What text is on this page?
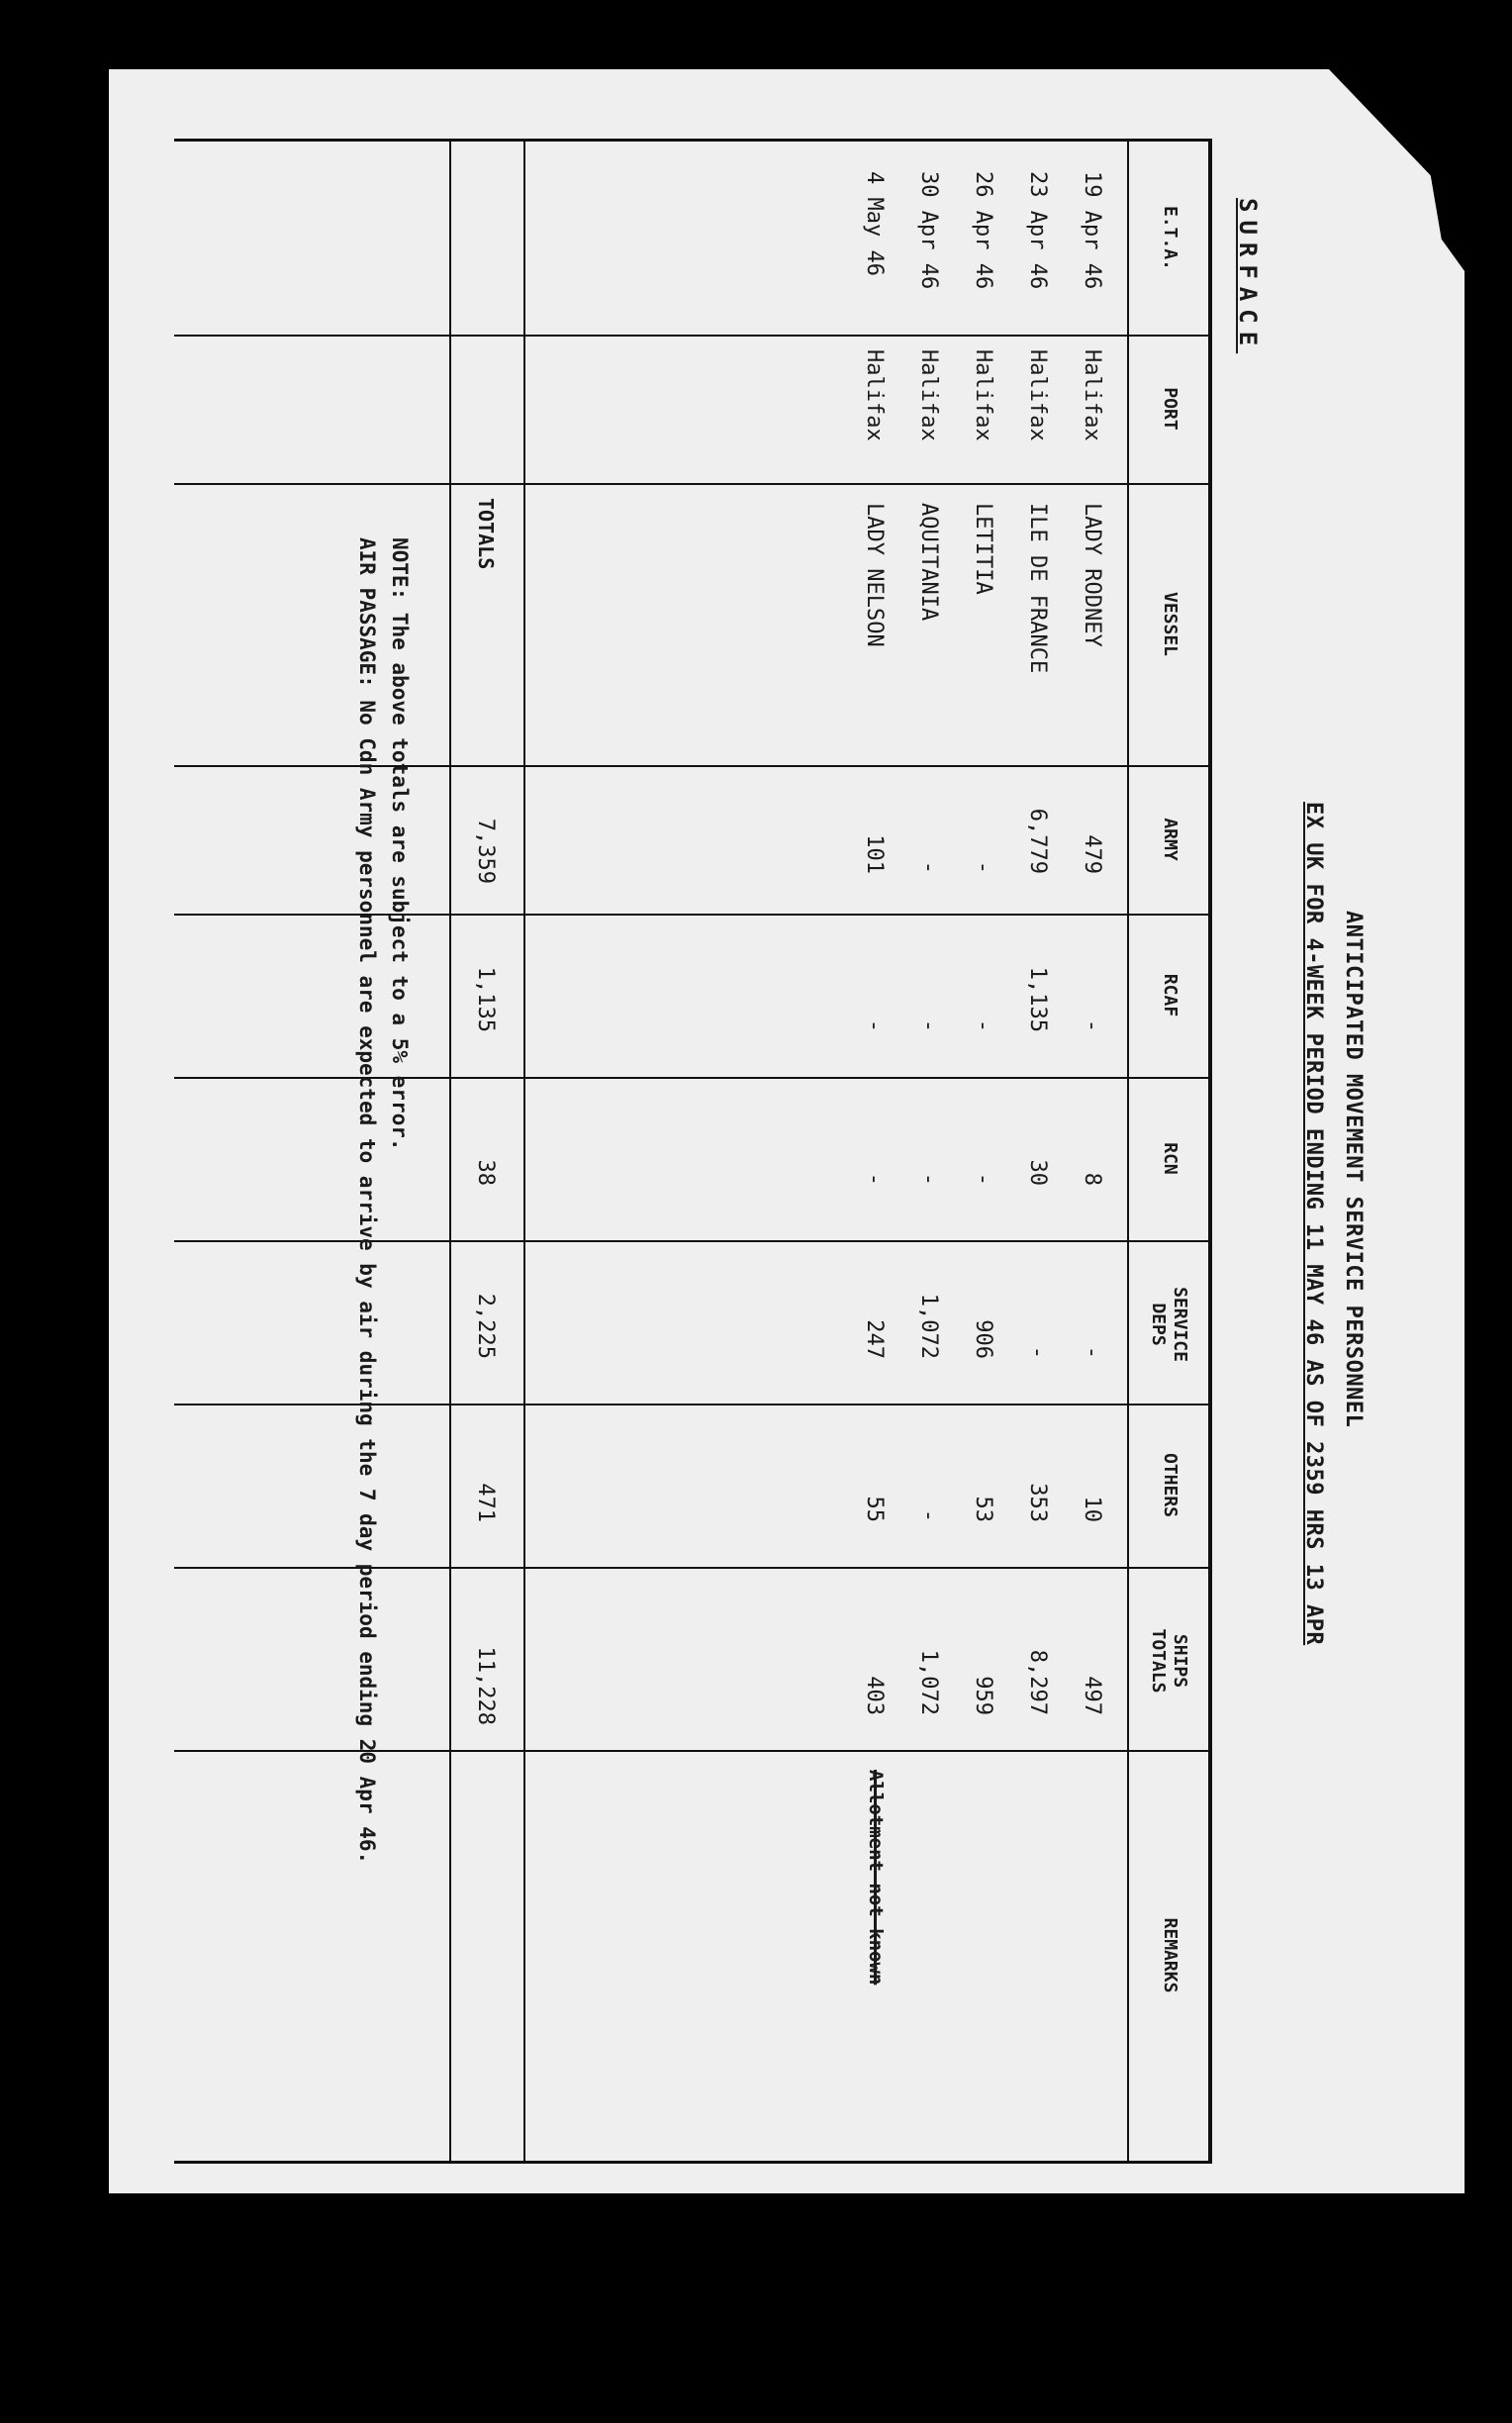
ANTICIPATED MOVEMENT SERVICE PERSONNEL
EX UK FOR 4-WEEK PERIOD ENDING 11 MAY 46 AS OF 2359 HRS 13 APR
SURFACE
E.T.A.
PORT
VESSEL
ARMY
RCAF
RCN
SERVICE DEPS
OTHERS
SHIPS TOTALS
REMARKS
19 Apr 46
Halifax
LADY RODNEY
479
-
8
-
10
497
23 Apr 46
Halifax
ILE DE FRANCE
6,779
1,135
30
-
353
8,297
26 Apr 46
Halifax
LETITIA
-
-
-
906
53
959
30 Apr 46
Halifax
AQUITANIA
-
-
-
1,072
-
1,072
4 May 46
Halifax
LADY NELSON
101
-
-
247
55
403
Allotment not known
TOTALS
7,359
1,135
38
2,225
471
11,228
NOTE: The above totals are subject to a 5% error.
AIR PASSAGE: No Cdn Army personnel are expected to arrive by air during the 7 day period ending 20 Apr 46.
